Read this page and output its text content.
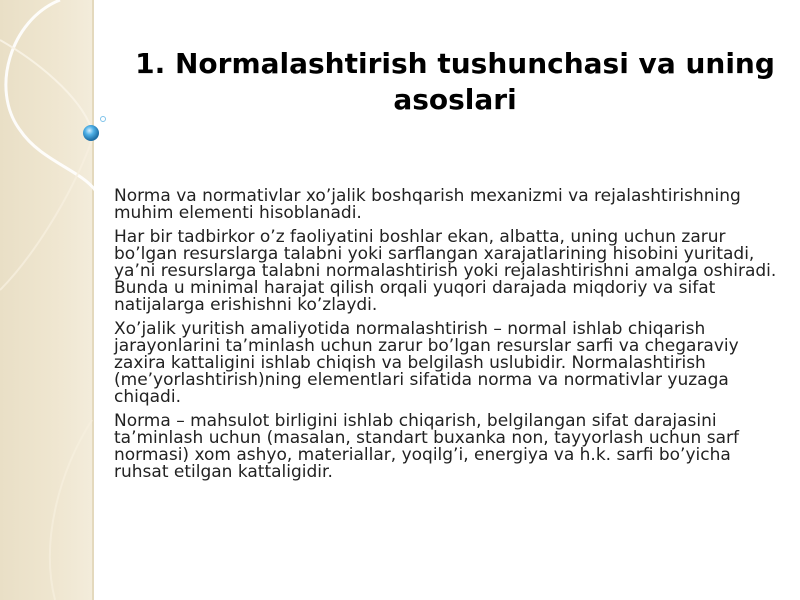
1. Normalashtirish tushunchasi va uning asoslari

Norma va normativlar xo’jalik boshqarish mexanizmi va rejalashtirishning muhim elementi hisoblanadi.

Har bir tadbirkor o’z faoliyatini boshlar ekan, albatta, uning uchun zarur bo’lgan resurslarga talabni yoki sarflangan xarajatlarining hisobini yuritadi, ya’ni resurslarga talabni normalashtirish yoki rejalashtirishni amalga oshiradi. Bunda u minimal harajat qilish orqali yuqori darajada miqdoriy va sifat natijalarga erishishni ko’zlaydi.

Xo’jalik yuritish amaliyotida normalashtirish – normal ishlab chiqarish jarayonlarini ta’minlash uchun zarur bo’lgan resurslar sarfi va chegaraviy zaxira kattaligini ishlab chiqish va belgilash uslubidir. Normalashtirish (me’yorlashtirish)ning elementlari sifatida norma va normativlar yuzaga chiqadi.

Norma – mahsulot birligini ishlab chiqarish, belgilangan sifat darajasini ta’minlash uchun (masalan, standart buxanka non, tayyorlash uchun sarf normasi) xom ashyo, materiallar, yoqilg’i, energiya va h.k. sarfi bo’yicha ruhsat etilgan kattaligidir.
